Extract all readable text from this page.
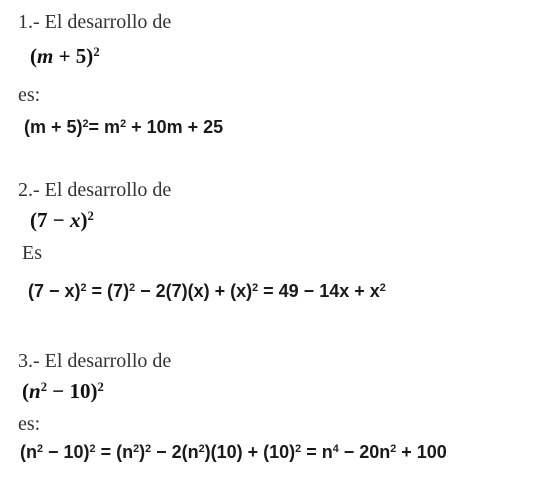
1.- El desarrollo de
$(m + 5)^2$
es:
$(m + 5)^2= m^2 + 10m + 25$
2.- El desarrollo de
$(7 - x)^2$
Es
$(7 - x)^2 = (7)^2 - 2(7)(x) + (x)^2 = 49 - 14x + x^2$
3.- El desarrollo de
$(n^2 - 10)^2$
es:
$(n^2 - 10)^2 = (n^2)^2 - 2(n^2)(10) + (10)^2 = n^4 - 20n^2 + 100$
